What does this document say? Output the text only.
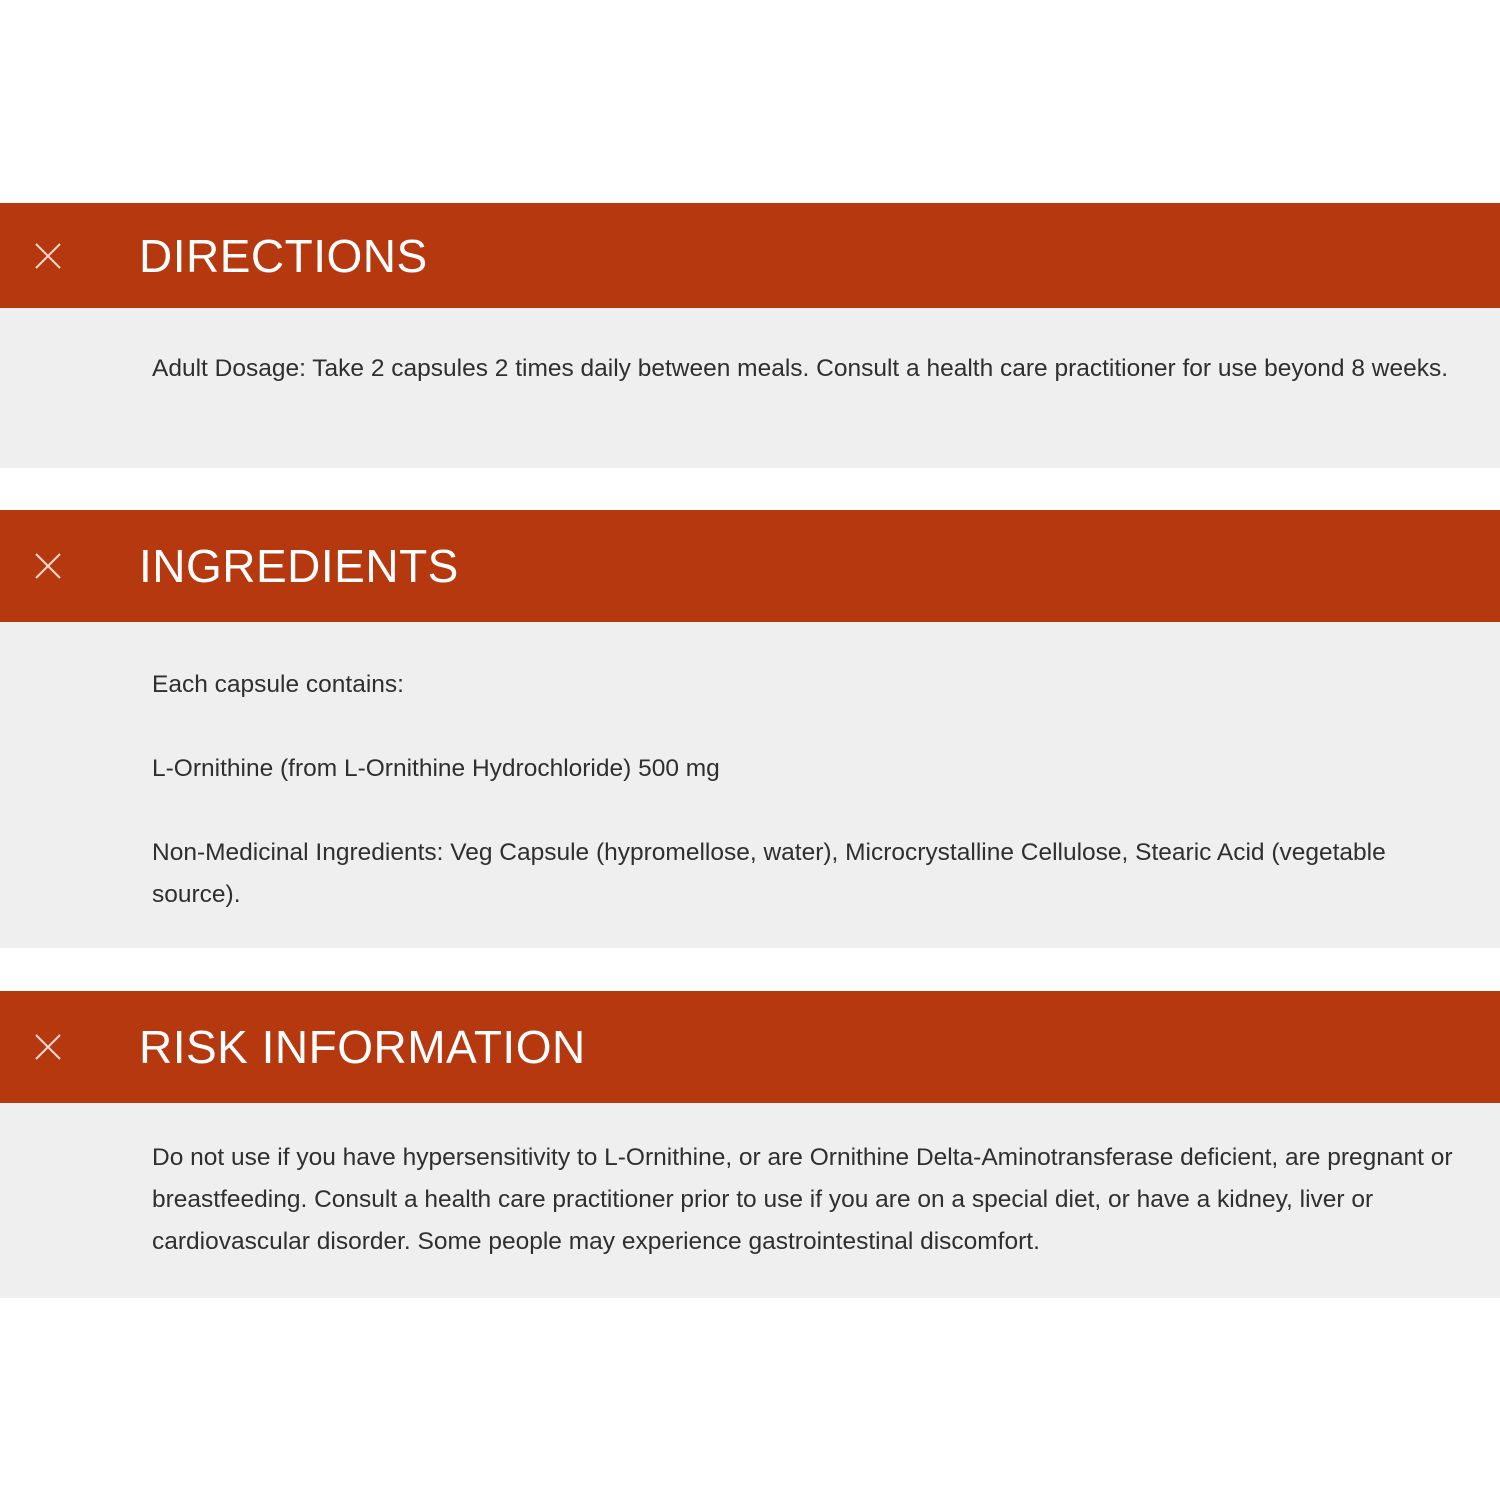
DIRECTIONS

Adult Dosage: Take 2 capsules 2 times daily between meals. Consult a health care practitioner for use beyond 8 weeks.

INGREDIENTS

Each capsule contains:

L-Ornithine (from L-Ornithine Hydrochloride) 500 mg

Non-Medicinal Ingredients: Veg Capsule (hypromellose, water), Microcrystalline Cellulose, Stearic Acid (vegetable source).

RISK INFORMATION

Do not use if you have hypersensitivity to L-Ornithine, or are Ornithine Delta-Aminotransferase deficient, are pregnant or breastfeeding. Consult a health care practitioner prior to use if you are on a special diet, or have a kidney, liver or cardiovascular disorder. Some people may experience gastrointestinal discomfort.
